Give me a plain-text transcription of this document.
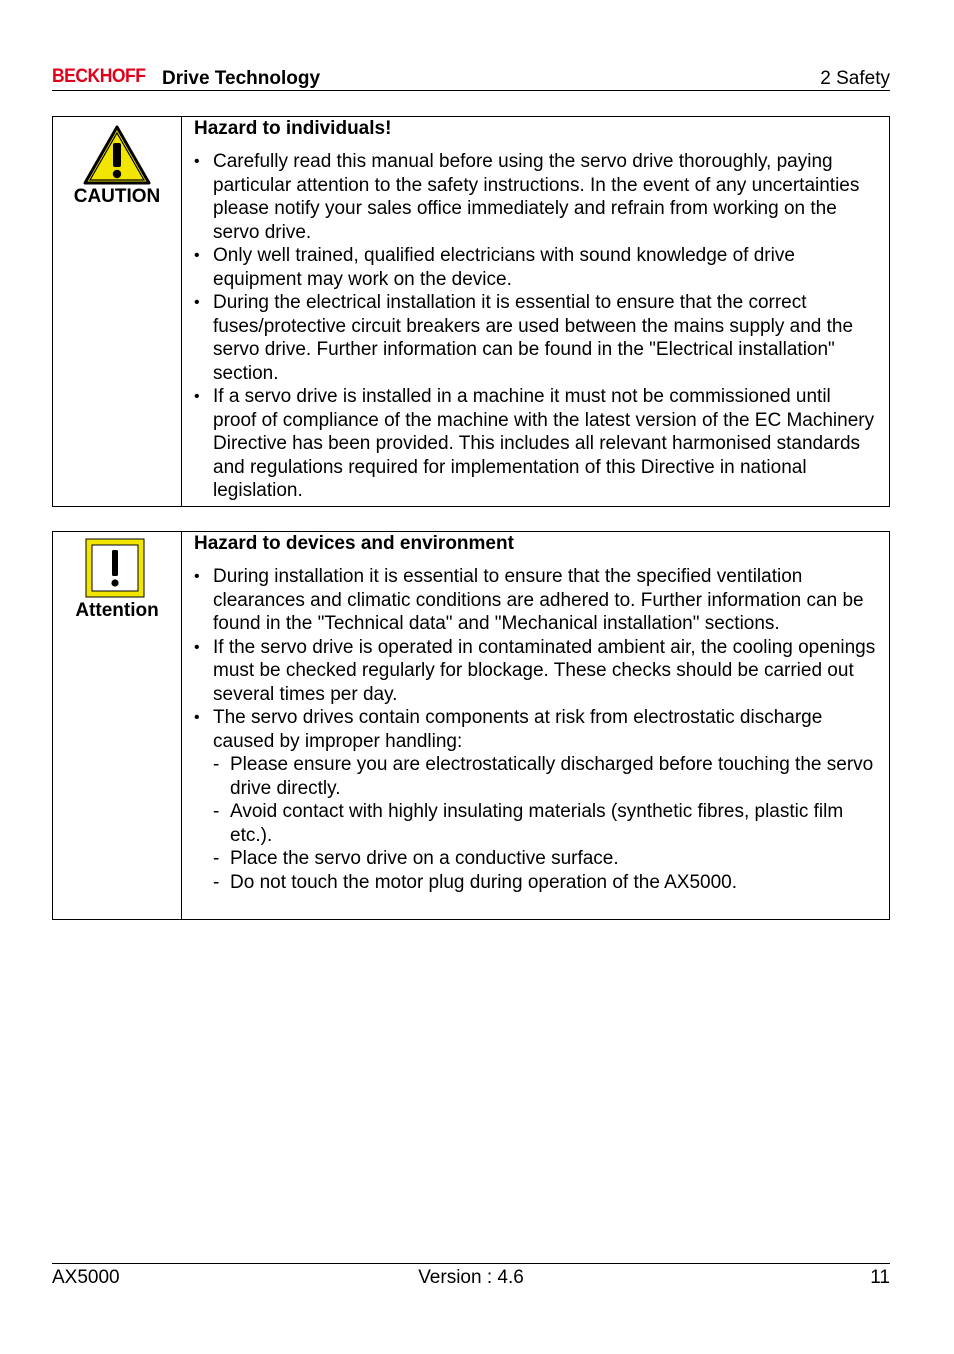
BECKHOFF Drive Technology	2 Safety
CAUTION
Hazard to individuals!
• Carefully read this manual before using the servo drive thoroughly, paying particular attention to the safety instructions. In the event of any uncertainties please notify your sales office immediately and refrain from working on the servo drive.
• Only well trained, qualified electricians with sound knowledge of drive equipment may work on the device.
• During the electrical installation it is essential to ensure that the correct fuses/protective circuit breakers are used between the mains supply and the servo drive. Further information can be found in the "Electrical installation" section.
• If a servo drive is installed in a machine it must not be commissioned until proof of compliance of the machine with the latest version of the EC Machinery Directive has been provided. This includes all relevant harmonised standards and regulations required for implementation of this Directive in national legislation.
Attention
Hazard to devices and environment
• During installation it is essential to ensure that the specified ventilation clearances and climatic conditions are adhered to. Further information can be found in the "Technical data" and "Mechanical installation" sections.
• If the servo drive is operated in contaminated ambient air, the cooling openings must be checked regularly for blockage. These checks should be carried out several times per day.
• The servo drives contain components at risk from electrostatic discharge caused by improper handling:
- Please ensure you are electrostatically discharged before touching the servo drive directly.
- Avoid contact with highly insulating materials (synthetic fibres, plastic film etc.).
- Place the servo drive on a conductive surface.
- Do not touch the motor plug during operation of the AX5000.
AX5000	Version : 4.6	11
